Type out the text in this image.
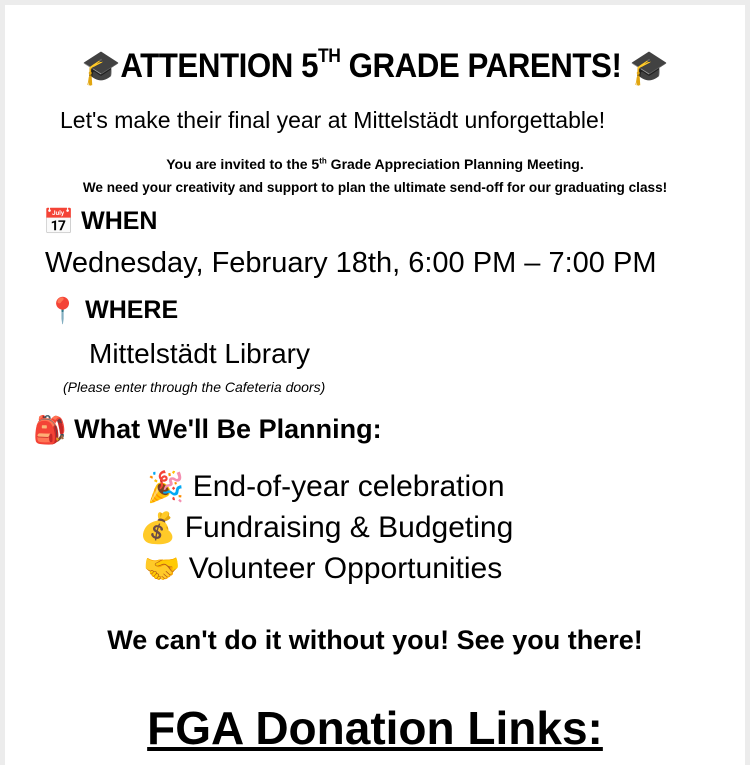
🎓ATTENTION 5TH GRADE PARENTS! 🎓
Let's make their final year at Mittelstädt unforgettable!
You are invited to the 5th Grade Appreciation Planning Meeting.
We need your creativity and support to plan the ultimate send-off for our graduating class!
📅 WHEN
Wednesday, February 18th, 6:00 PM – 7:00 PM
📍 WHERE
Mittelstädt Library
(Please enter through the Cafeteria doors)
🎒 What We'll Be Planning:
🎉 End-of-year celebration
💰 Fundraising & Budgeting
🤝 Volunteer Opportunities
We can't do it without you! See you there!
FGA Donation Links:
